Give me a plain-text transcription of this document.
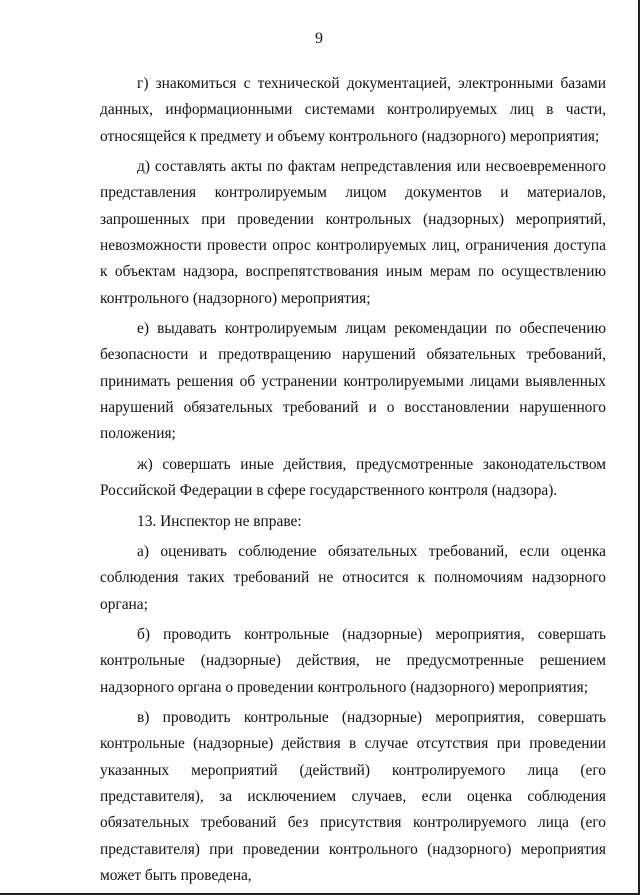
9

г) знакомиться с технической документацией, электронными базами данных, информационными системами контролируемых лиц в части, относящейся к предмету и объему контрольного (надзорного) мероприятия;

д) составлять акты по фактам непредставления или несвоевременного представления контролируемым лицом документов и материалов, запрошенных при проведении контрольных (надзорных) мероприятий, невозможности провести опрос контролируемых лиц, ограничения доступа к объектам надзора, воспрепятствования иным мерам по осуществлению контрольного (надзорного) мероприятия;

е) выдавать контролируемым лицам рекомендации по обеспечению безопасности и предотвращению нарушений обязательных требований, принимать решения об устранении контролируемыми лицами выявленных нарушений обязательных требований и о восстановлении нарушенного положения;

ж) совершать иные действия, предусмотренные законодательством Российской Федерации в сфере государственного контроля (надзора).

13. Инспектор не вправе:

а) оценивать соблюдение обязательных требований, если оценка соблюдения таких требований не относится к полномочиям надзорного органа;

б) проводить контрольные (надзорные) мероприятия, совершать контрольные (надзорные) действия, не предусмотренные решением надзорного органа о проведении контрольного (надзорного) мероприятия;

в) проводить контрольные (надзорные) мероприятия, совершать контрольные (надзорные) действия в случае отсутствия при проведении указанных мероприятий (действий) контролируемого лица (его представителя), за исключением случаев, если оценка соблюдения обязательных требований без присутствия контролируемого лица (его представителя) при проведении контрольного (надзорного) мероприятия может быть проведена,
